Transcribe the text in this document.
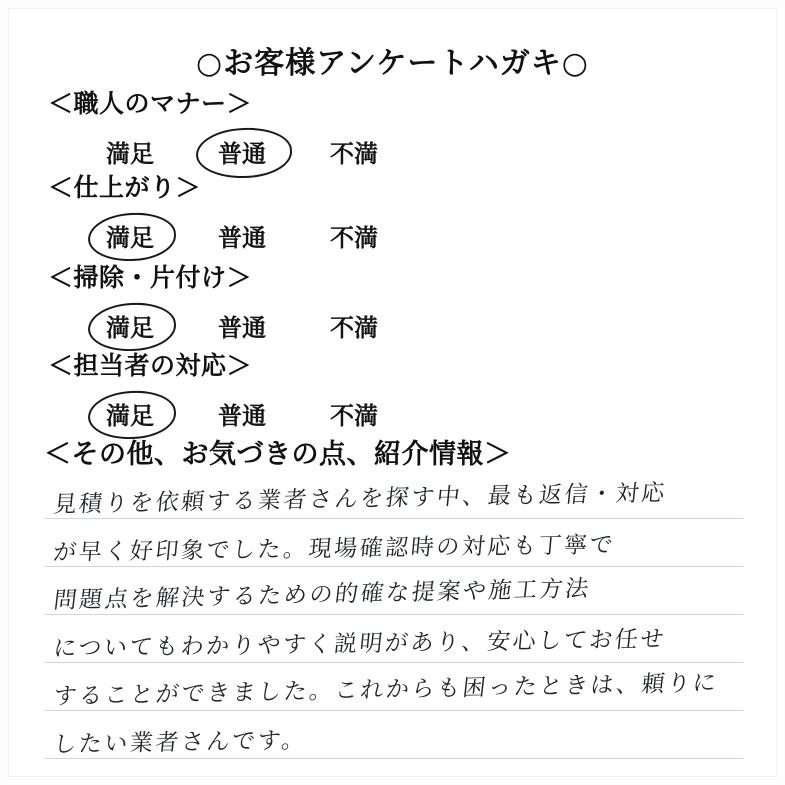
○お客様アンケートハガキ○
＜職人のマナー＞
満足	普通	不満
＜仕上がり＞
満足	普通	不満
＜掃除・片付け＞
満足	普通	不満
＜担当者の対応＞
満足	普通	不満
＜その他、お気づきの点、紹介情報＞
見積りを依頼する業者さんを探す中、最も返信・対応
が早く好印象でした。現場確認時の対応も丁寧で
問題点を解決するための的確な提案や施工方法
についてもわかりやすく説明があり、安心してお任せ
することができました。これからも困ったときは、頼りに
したい業者さんです。
